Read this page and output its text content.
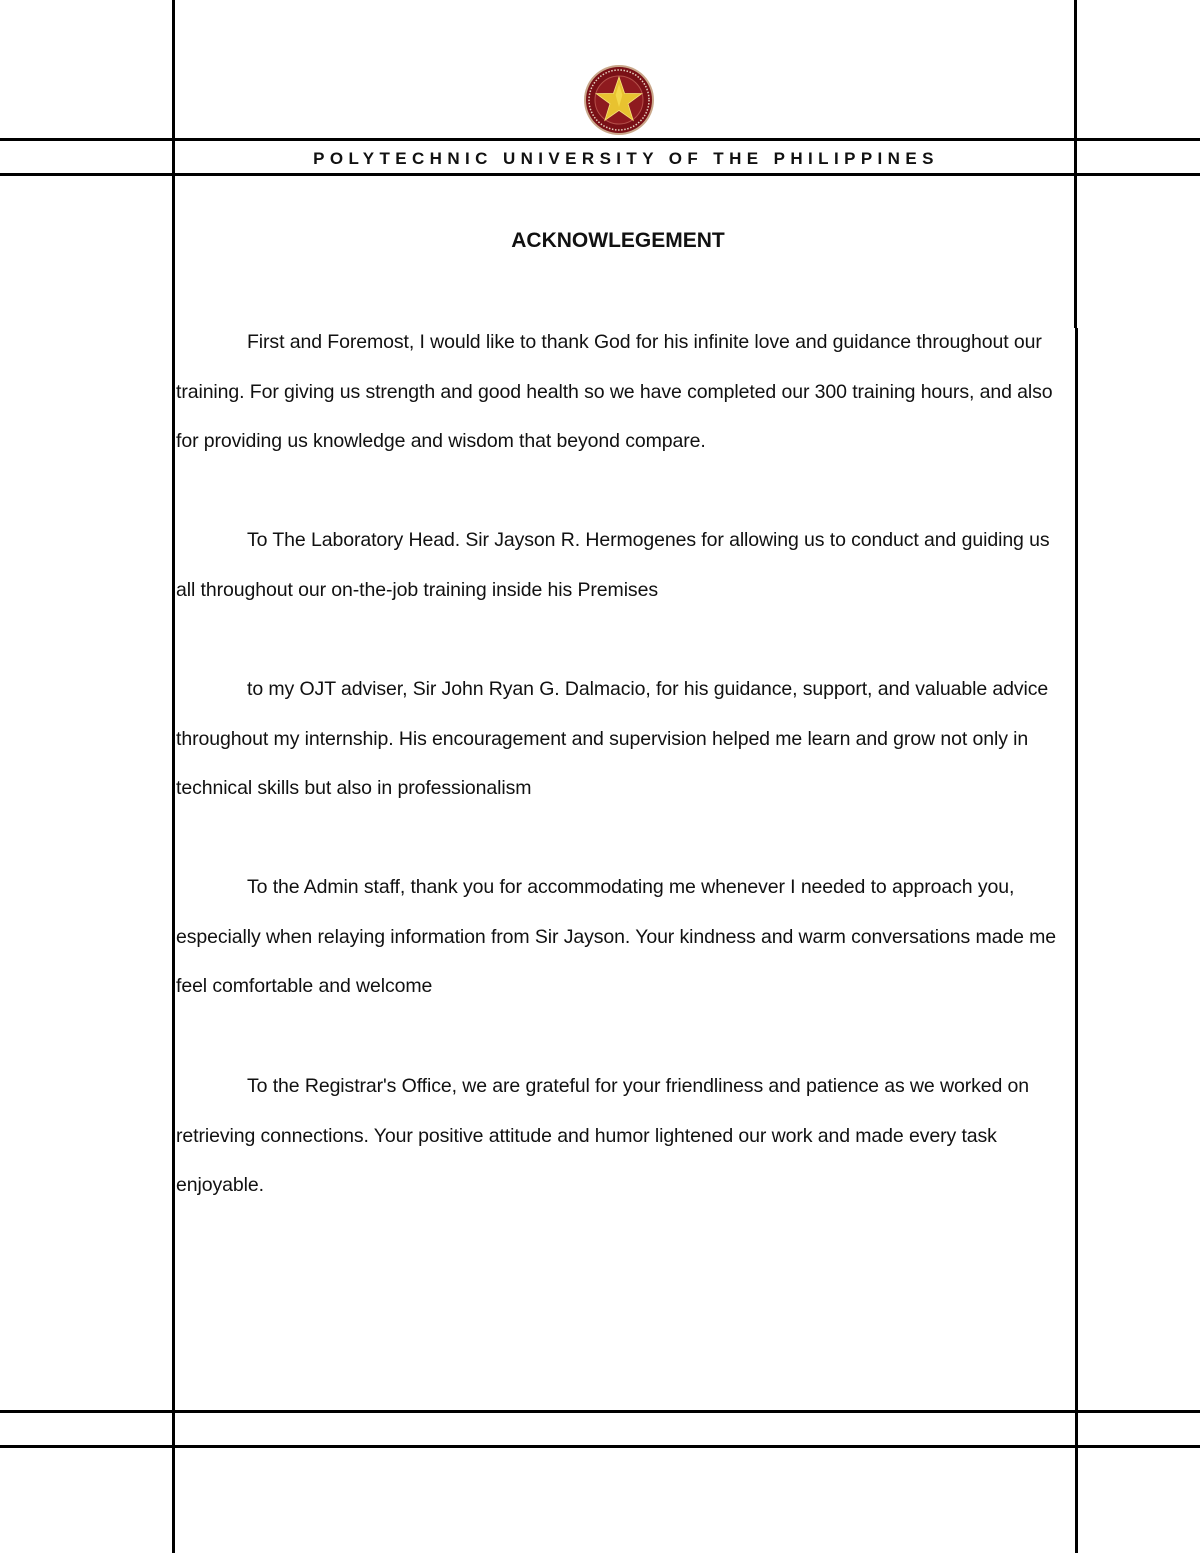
POLYTECHNIC UNIVERSITY OF THE PHILIPPINES
ACKNOWLEGEMENT

First and Foremost, I would like to thank God for his infinite love and guidance throughout our training. For giving us strength and good health so we have completed our 300 training hours, and also for providing us knowledge and wisdom that beyond compare.

To The Laboratory Head. Sir Jayson R. Hermogenes for allowing us to conduct and guiding us all throughout our on-the-job training inside his Premises

to my OJT adviser, Sir John Ryan G. Dalmacio, for his guidance, support, and valuable advice throughout my internship. His encouragement and supervision helped me learn and grow not only in technical skills but also in professionalism

To the Admin staff, thank you for accommodating me whenever I needed to approach you, especially when relaying information from Sir Jayson. Your kindness and warm conversations made me feel comfortable and welcome

To the Registrar's Office, we are grateful for your friendliness and patience as we worked on retrieving connections. Your positive attitude and humor lightened our work and made every task enjoyable.
